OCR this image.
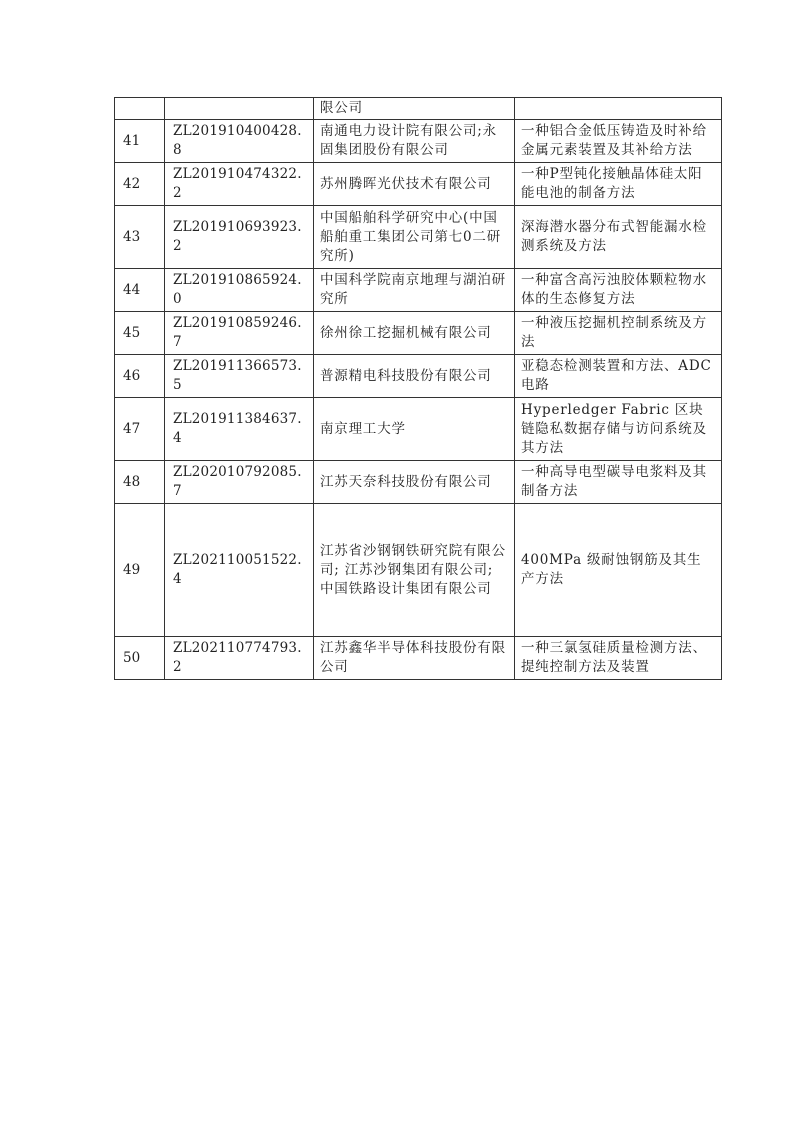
		限公司	
41	ZL201910400428.8	南通电力设计院有限公司;永固集团股份有限公司	一种铝合金低压铸造及时补给金属元素装置及其补给方法
42	ZL201910474322.2	苏州腾晖光伏技术有限公司	一种P型钝化接触晶体硅太阳能电池的制备方法
43	ZL201910693923.2	中国船舶科学研究中心(中国船舶重工集团公司第七0二研究所)	深海潜水器分布式智能漏水检测系统及方法
44	ZL201910865924.0	中国科学院南京地理与湖泊研究所	一种富含高污浊胶体颗粒物水体的生态修复方法
45	ZL201910859246.7	徐州徐工挖掘机械有限公司	一种液压挖掘机控制系统及方法
46	ZL201911366573.5	普源精电科技股份有限公司	亚稳态检测装置和方法、ADC电路
47	ZL201911384637.4	南京理工大学	Hyperledger Fabric 区块链隐私数据存储与访问系统及其方法
48	ZL202010792085.7	江苏天奈科技股份有限公司	一种高导电型碳导电浆料及其制备方法
49	ZL202110051522.4	江苏省沙钢钢铁研究院有限公司; 江苏沙钢集团有限公司; 中国铁路设计集团有限公司	400MPa 级耐蚀钢筋及其生产方法
50	ZL202110774793.2	江苏鑫华半导体科技股份有限公司	一种三氯氢硅质量检测方法、提纯控制方法及装置
